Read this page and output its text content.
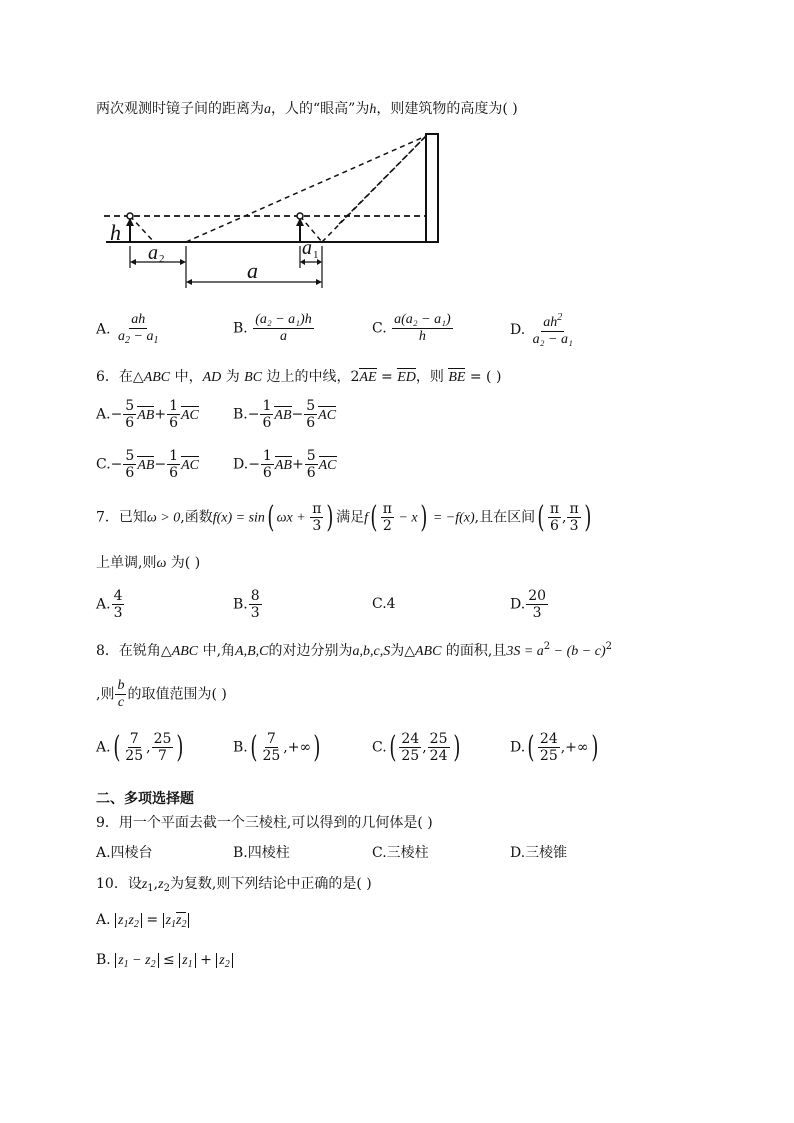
两次观测时镜子间的距离为a，人的“眼高”为h，则建筑物的高度为( )
h
a 2	a
a 1
A. $\frac{ah}{a_2 - a_1}$	B. $\frac{\text{(a₂ − a₁)h}}{a}$	C. $\frac{\text{a(a₂ − a₁)}}{h}$	D. $\frac{ah^2}{\text{a₂ − a₁}}$
6．在△ABC 中，AD 为 BC 边上的中线，2AE = ED，则 BE = ( )
$A.- \frac{5}{6} AB+ \frac{1}{6}$ AC $B.- \frac{1}{6} AB- \frac{5}{6}$ AC
$C.- \frac{5}{6} AB- \frac{1}{6}$ AC $D.- \frac{1}{6} AB+ \frac{5}{6}$ AC
7．已知ω > 0,函数f(x) = sin( $\omega x + \frac{\pi}{3}$ ) 满足$f( \frac{\pi}{2} - x) = -f(x)$,且在区间( $\frac{\pi}{6}$ , $\frac{\pi}{3}$ )
上单调,则ω 为( )
A. $\frac{4}{3}$	B. $\frac{8}{3}$	C.4	D. $\frac{20}{3}$
8．在锐角△ABC 中,角A,B,C的对边分别为a,b,c,S为△ABC 的面积,且$3S = a^2 - (b - c)^2$
,则 $\frac{b}{c}$ 的取值范围为( )
$A.( \frac{7}{25}$ , $\frac{25}{7}$ )	$B.( \frac{7}{25}$ ,+∞)	$C.( \frac{24}{25}$ , $\frac{25}{24}$ )	$D.( \frac{24}{25}$ ,+∞)
二、多项选择题
9．用一个平面去截一个三棱柱,可以得到的几何体是( )
A.四棱台	B.四棱柱	C.三棱柱	D.三棱锥
10．设$z_1,z_2$为复数,则下列结论中正确的是( )
A. $z_1z_2 = z_1z_2$
B. $z_1 - z_2 \le z_1 + z_2$
